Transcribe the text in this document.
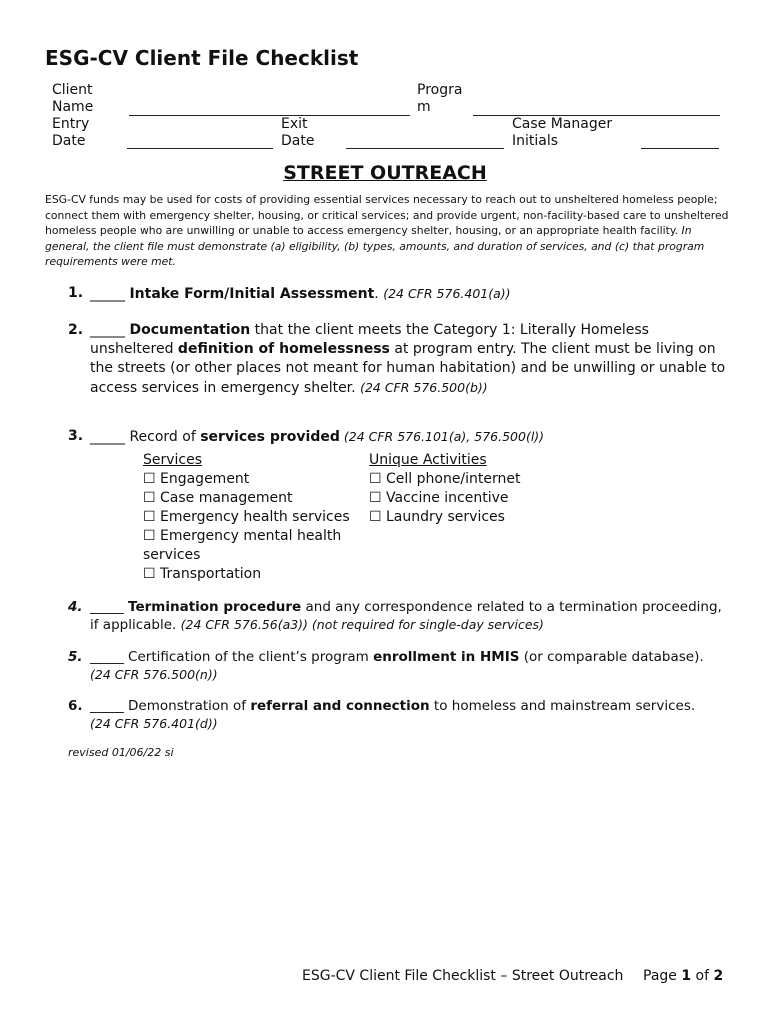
ESG-CV Client File Checklist
Client
Name
Progra
m
Entry
Date
Exit
Date
Case Manager
Initials
STREET OUTREACH
ESG-CV funds may be used for costs of providing essential services necessary to reach out to unsheltered homeless people; connect them with emergency shelter, housing, or critical services; and provide urgent, non-facility-based care to unsheltered homeless people who are unwilling or unable to access emergency shelter, housing, or an appropriate health facility. In general, the client file must demonstrate (a) eligibility, (b) types, amounts, and duration of services, and (c) that program requirements were met.
1. _____ Intake Form/Initial Assessment. (24 CFR 576.401(a))
2. _____ Documentation that the client meets the Category 1: Literally Homeless unsheltered definition of homelessness at program entry. The client must be living on the streets (or other places not meant for human habitation) and be unwilling or unable to access services in emergency shelter. (24 CFR 576.500(b))
3. _____ Record of services provided (24 CFR 576.101(a), 576.500(l))
Services
☐ Engagement
☐ Case management
☐ Emergency health services
☐ Emergency mental health services
☐ Transportation
Unique Activities
☐ Cell phone/internet
☐ Vaccine incentive
☐ Laundry services
4. _____ Termination procedure and any correspondence related to a termination proceeding, if applicable. (24 CFR 576.56(a3)) (not required for single-day services)
5. _____ Certification of the client’s program enrollment in HMIS (or comparable database). (24 CFR 576.500(n))
6. _____ Demonstration of referral and connection to homeless and mainstream services.
(24 CFR 576.401(d))
revised 01/06/22 si
ESG-CV Client File Checklist – Street Outreach Page 1 of 2
